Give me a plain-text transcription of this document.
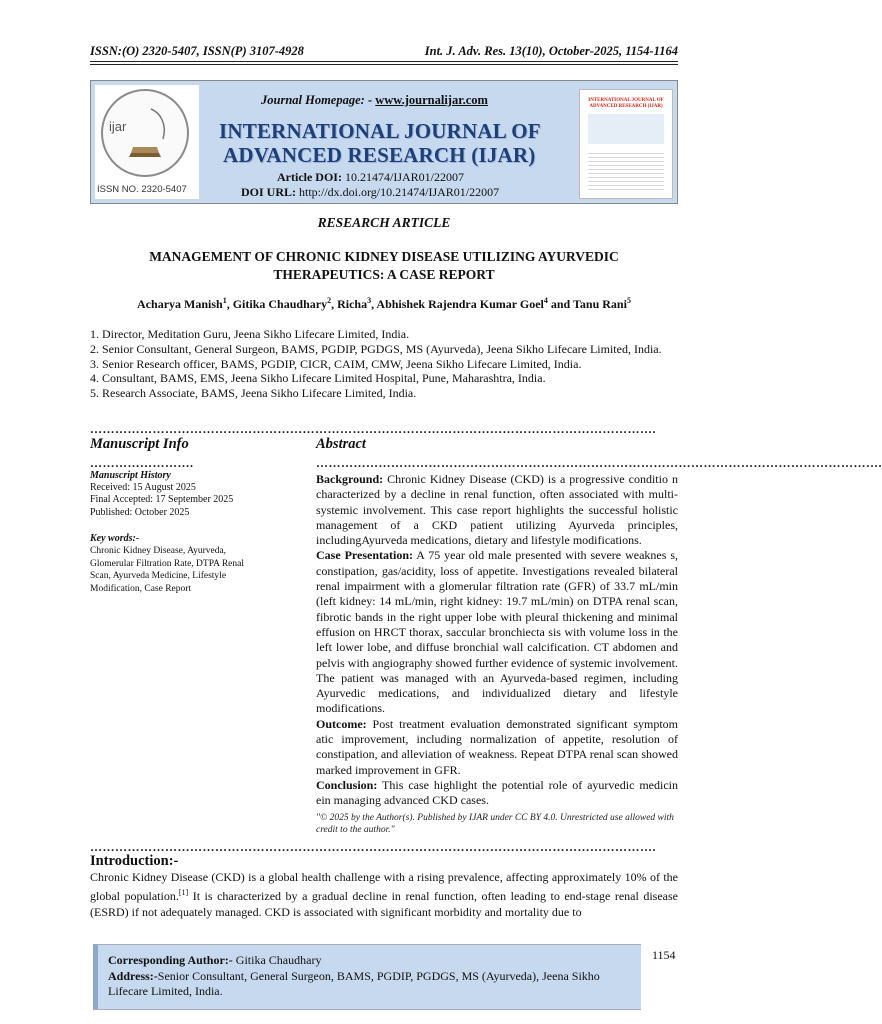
ISSN:(O) 2320-5407, ISSN(P) 3107-4928	Int. J. Adv. Res. 13(10), October-2025, 1154-1164
ijar
ISSN NO. 2320-5407
Journal Homepage: - www.journalijar.com
INTERNATIONAL JOURNAL OF
ADVANCED RESEARCH (IJAR)
Article DOI: 10.21474/IJAR01/22007
DOI URL: http://dx.doi.org/10.21474/IJAR01/22007
INTERNATIONAL JOURNAL OF ADVANCED RESEARCH (IJAR)
RESEARCH ARTICLE
MANAGEMENT OF CHRONIC KIDNEY DISEASE UTILIZING AYURVEDIC
THERAPEUTICS: A CASE REPORT
Acharya Manish$^1$, Gitika Chaudhary$^2$, Richa$^3$, Abhishek Rajendra Kumar Goel$^4$ and Tanu Rani$^5$
1. Director, Meditation Guru, Jeena Sikho Lifecare Limited, India.
2. Senior Consultant, General Surgeon, BAMS, PGDIP, PGDGS, MS (Ayurveda), Jeena Sikho Lifecare Limited, India.
3. Senior Research officer, BAMS, PGDIP, CICR, CAIM, CMW, Jeena Sikho Lifecare Limited, India.
4. Consultant, BAMS, EMS, Jeena Sikho Lifecare Limited Hospital, Pune, Maharashtra, India.
5. Research Associate, BAMS, Jeena Sikho Lifecare Limited, India.
……………………………………………………………………………………………………………………….
Manuscript Info	Abstract
…………………….	……………………………………………………………………………………………………………………….
Manuscript History
Received: 15 August 2025
Final Accepted: 17 September 2025
Published: October 2025
Key words:-
Chronic Kidney Disease, Ayurveda, Glomerular Filtration Rate, DTPA Renal Scan, Ayurveda Medicine, Lifestyle Modification, Case Report
Background: Chronic Kidney Disease (CKD) is a progressive conditio n characterized by a decline in renal function, often associated with multi-systemic involvement. This case report highlights the successful holistic management of a CKD patient utilizing Ayurveda principles, includingAyurveda medications, dietary and lifestyle modifications.
Case Presentation: A 75 year old male presented with severe weaknes s, constipation, gas/acidity, loss of appetite. Investigations revealed bilateral renal impairment with a glomerular filtration rate (GFR) of 33.7 mL/min (left kidney: 14 mL/min, right kidney: 19.7 mL/min) on DTPA renal scan, fibrotic bands in the right upper lobe with pleural thickening and minimal effusion on HRCT thorax, saccular bronchiecta sis with volume loss in the left lower lobe, and diffuse bronchial wall calcification. CT abdomen and pelvis with angiography showed further evidence of systemic involvement. The patient was managed with an Ayurveda-based regimen, including Ayurvedic medications, and individualized dietary and lifestyle modifications.
Outcome: Post treatment evaluation demonstrated significant symptom atic improvement, including normalization of appetite, resolution of constipation, and alleviation of weakness. Repeat DTPA renal scan showed marked improvement in GFR.
Conclusion: This case highlight the potential role of ayurvedic medicin ein managing advanced CKD cases.
"© 2025 by the Author(s). Published by IJAR under CC BY 4.0. Unrestricted use allowed with credit to the author."
……………………………………………………………………………………………………………………….
Introduction:-
Chronic Kidney Disease (CKD) is a global health challenge with a rising prevalence, affecting approximately 10% of the global population.[1] It is characterized by a gradual decline in renal function, often leading to end-stage renal disease (ESRD) if not adequately managed. CKD is associated with significant morbidity and mortality due to
Corresponding Author:- Gitika Chaudhary
Address:-Senior Consultant, General Surgeon, BAMS, PGDIP, PGDGS, MS (Ayurveda), Jeena Sikho Lifecare Limited, India.
1154
